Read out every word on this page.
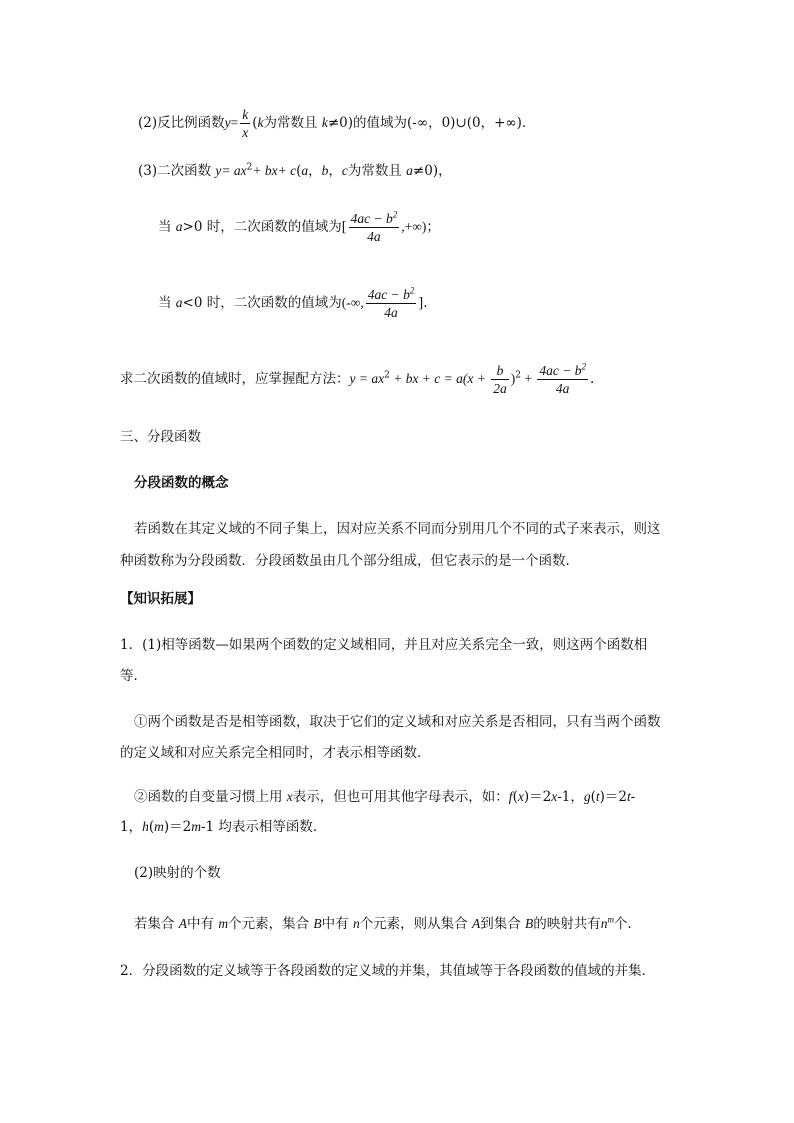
(2)反比例函数$y= \frac{k}{x} (k$为常数且 k≠0)的值域为(-∞，0)∪(0，+∞)．
(3)二次函数 $y= ax^2+ bx+ c(a$，b，c为常数且 a≠0)，
当 a>0 时，二次函数的值域为[ $\frac{4ac - b^2}{4a}$ ,+∞)；
当 a<0 时，二次函数的值域为(-∞, $\frac{4ac - b^2}{4a}$ ].
求二次函数的值域时，应掌握配方法：$y = ax^2$ + bx + $c = a(x + \frac{b}{2a} )^2 + \frac{4ac - b^2}{4a}$ .
三、分段函数
分段函数的概念
若函数在其定义域的不同子集上，因对应关系不同而分别用几个不同的式子来表示，则这
种函数称为分段函数．分段函数虽由几个部分组成，但它表示的是一个函数．
【知识拓展】
1．(1)相等函数—如果两个函数的定义域相同，并且对应关系完全一致，则这两个函数相
等．
①两个函数是否是相等函数，取决于它们的定义域和对应关系是否相同，只有当两个函数
的定义域和对应关系完全相同时，才表示相等函数．
②函数的自变量习惯上用 x表示，但也可用其他字母表示，如：f(x)＝2x-1，g(t)＝2t-
1，h(m)＝2m-1 均表示相等函数．
(2)映射的个数
若集合 A中有 m个元素，集合 B中有 n个元素，则从集合 A到集合 B的映射共有$n^m$个．
2．分段函数的定义域等于各段函数的定义域的并集，其值域等于各段函数的值域的并集．
